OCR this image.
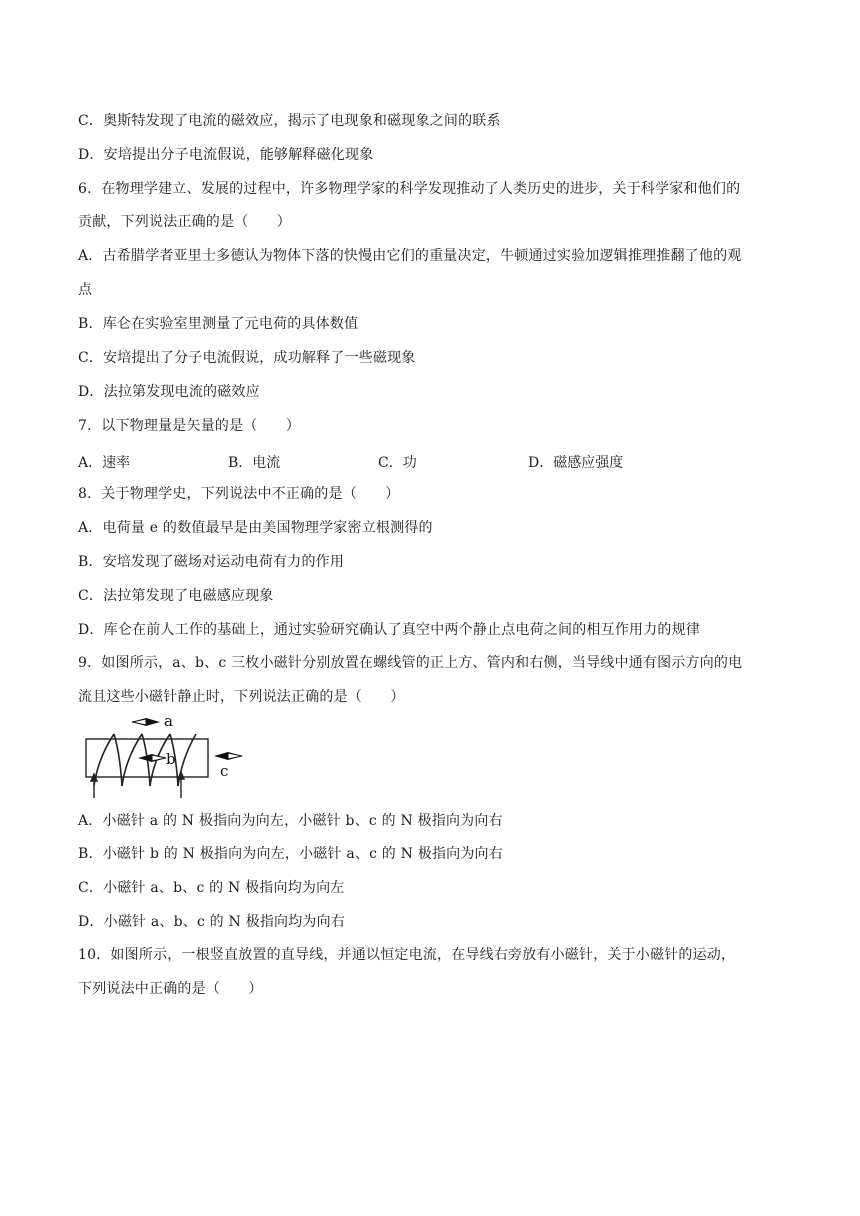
C．奥斯特发现了电流的磁效应，揭示了电现象和磁现象之间的联系
D．安培提出分子电流假说，能够解释磁化现象
6．在物理学建立、发展的过程中，许多物理学家的科学发现推动了人类历史的进步，关于科学家和他们的
贡献，下列说法正确的是（　　）
A．古希腊学者亚里士多德认为物体下落的快慢由它们的重量决定，牛顿通过实验加逻辑推理推翻了他的观
点
B．库仑在实验室里测量了元电荷的具体数值
C．安培提出了分子电流假说，成功解释了一些磁现象
D．法拉第发现电流的磁效应
7．以下物理量是矢量的是（　　）
A．速率	B．电流	C．功	D．磁感应强度
8．关于物理学史，下列说法中不正确的是（　　）
A．电荷量 e 的数值最早是由美国物理学家密立根测得的
B．安培发现了磁场对运动电荷有力的作用
C．法拉第发现了电磁感应现象
D．库仑在前人工作的基础上，通过实验研究确认了真空中两个静止点电荷之间的相互作用力的规律
9．如图所示，a、b、c 三枚小磁针分别放置在螺线管的正上方、管内和右侧，当导线中通有图示方向的电
流且这些小磁针静止时，下列说法正确的是（　　）
a
b
c
A．小磁针 a 的 N 极指向为向左，小磁针 b、c 的 N 极指向为向右
B．小磁针 b 的 N 极指向为向左，小磁针 a、c 的 N 极指向为向右
C．小磁针 a、b、c 的 N 极指向均为向左
D．小磁针 a、b、c 的 N 极指向均为向右
10．如图所示，一根竖直放置的直导线，并通以恒定电流，在导线右旁放有小磁针，关于小磁针的运动，
下列说法中正确的是（　　）
